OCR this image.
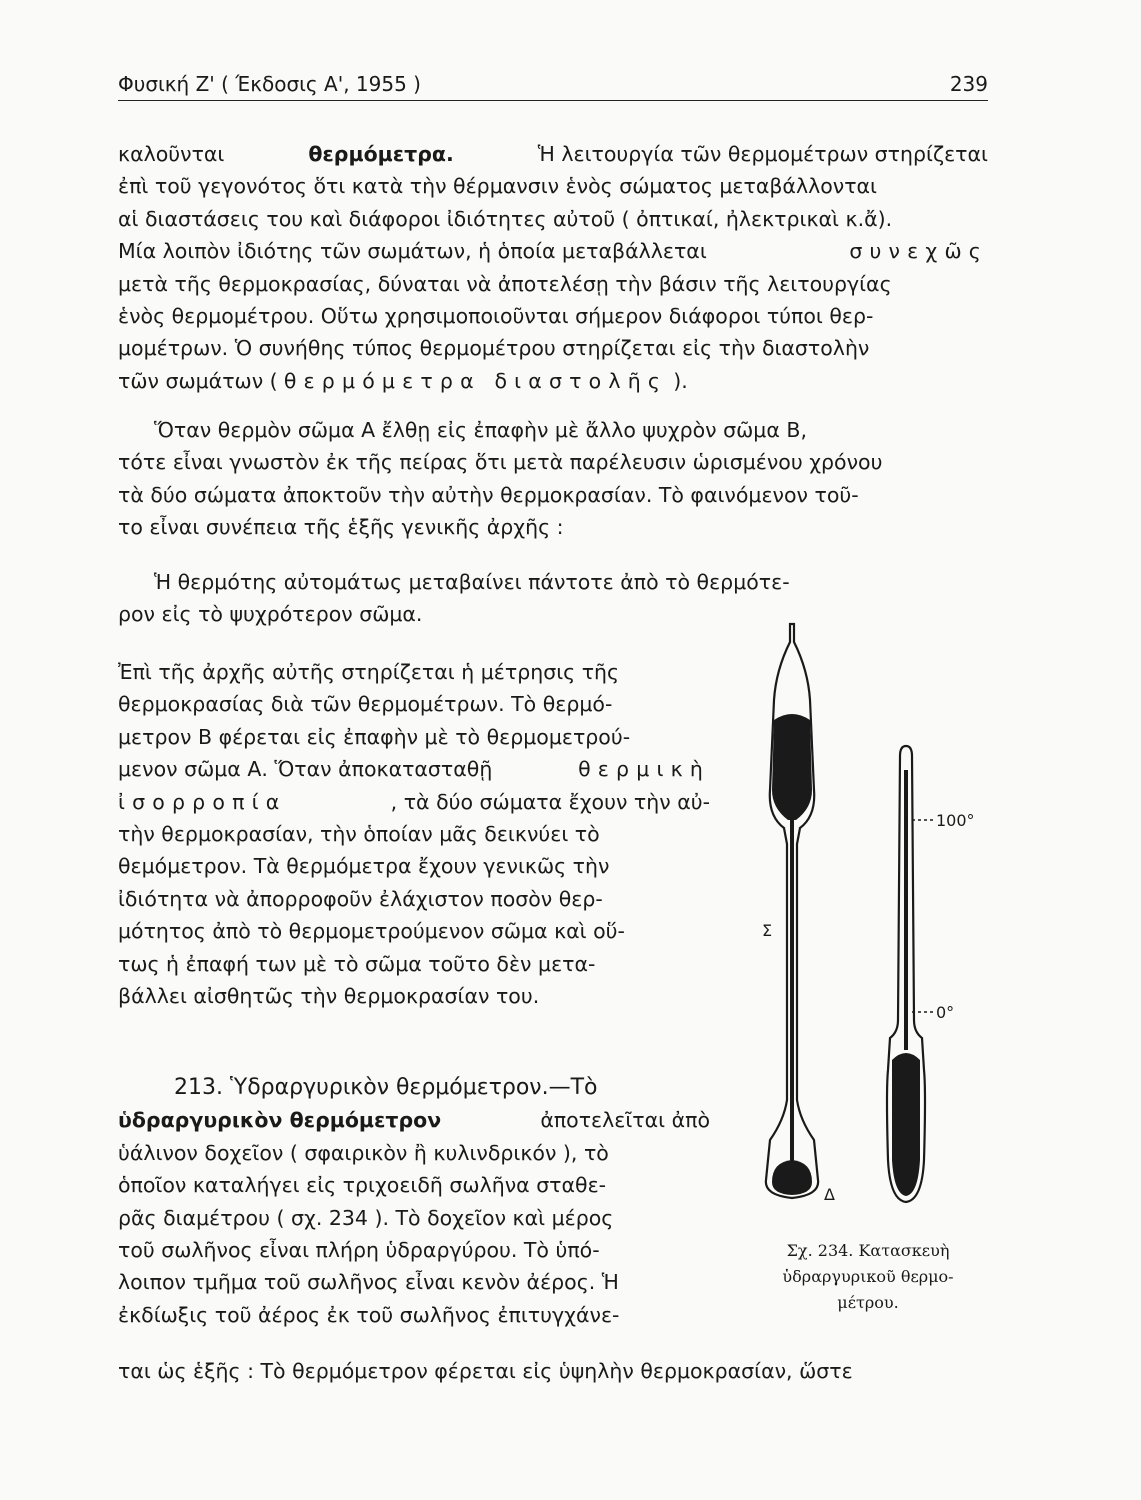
Φυσική Ζ' ( Έκδοσις Α', 1955 )	239
καλοῦνται	θερμόμετρα.	Ἡ λειτουργία τῶν θερμομέτρων στηρίζεται
ἐπὶ τοῦ γεγονότος ὅτι κατὰ τὴν θέρμανσιν ἑνὸς σώματος μεταβάλλονται
αἱ διαστάσεις του καὶ διάφοροι ἰδιότητες αὐτοῦ ( ὀπτικαί, ἠλεκτρικαὶ κ.ἄ).
Μία λοιπὸν ἰδιότης τῶν σωμάτων, ἡ ὁποία μεταβάλλεται	συνεχῶς
μετὰ τῆς θερμοκρασίας, δύναται νὰ ἀποτελέσῃ τὴν βάσιν τῆς λειτουργίας
ἑνὸς θερμομέτρου. Οὕτω χρησιμοποιοῦνται σήμερον διάφοροι τύποι θερ-
μομέτρων. Ὁ συνήθης τύπος θερμομέτρου στηρίζεται εἰς τὴν διαστολὴν
τῶν σωμάτων ( θερμόμετρα διαστολῆς ).
Ὅταν θερμὸν σῶμα Α ἔλθῃ εἰς ἐπαφὴν μὲ ἄλλο ψυχρὸν σῶμα Β,
τότε εἶναι γνωστὸν ἐκ τῆς πείρας ὅτι μετὰ παρέλευσιν ὡρισμένου χρόνου
τὰ δύο σώματα ἀποκτοῦν τὴν αὐτὴν θερμοκρασίαν. Τὸ φαινόμενον τοῦ-
το εἶναι συνέπεια τῆς ἑξῆς γενικῆς ἀρχῆς :
Ἡ θερμότης αὐτομάτως μεταβαίνει πάντοτε ἀπὸ τὸ θερμότε-
ρον εἰς τὸ ψυχρότερον σῶμα.
Ἐπὶ τῆς ἀρχῆς αὐτῆς στηρίζεται ἡ μέτρησις τῆς
θερμοκρασίας διὰ τῶν θερμομέτρων. Τὸ θερμό-
μετρον Β φέρεται εἰς ἐπαφὴν μὲ τὸ θερμομετρού-
μενον σῶμα Α. Ὅταν ἀποκατασταθῇ	θερμικὴ
ἰσορροπία	, τὰ δύο σώματα ἔχουν τὴν αὐ-
τὴν θερμοκρασίαν, τὴν ὁποίαν μᾶς δεικνύει τὸ
θεμόμετρον. Τὰ θερμόμετρα ἔχουν γενικῶς τὴν
ἰδιότητα νὰ ἀπορροφοῦν ἐλάχιστον ποσὸν θερ-
μότητος ἀπὸ τὸ θερμομετρούμενον σῶμα καὶ οὕ-
τως ἡ ἐπαφή των μὲ τὸ σῶμα τοῦτο δὲν μετα-
βάλλει αἰσθητῶς τὴν θερμοκρασίαν του.
213. Ὑδραργυρικὸν θερμόμετρον.—Τὸ
ὑδραργυρικὸν θερμόμετρον	ἀποτελεῖται ἀπὸ
ὑάλινον δοχεῖον ( σφαιρικὸν ἢ κυλινδρικόν ), τὸ
ὁποῖον καταλήγει εἰς τριχοειδῆ σωλῆνα σταθε-
ρᾶς διαμέτρου ( σχ. 234 ). Τὸ δοχεῖον καὶ μέρος
τοῦ σωλῆνος εἶναι πλήρη ὑδραργύρου. Τὸ ὑπό-
λοιπον τμῆμα τοῦ σωλῆνος εἶναι κενὸν ἀέρος. Ἡ
ἐκδίωξις τοῦ ἀέρος ἐκ τοῦ σωλῆνος ἐπιτυγχάνε-
ται ὡς ἑξῆς : Τὸ θερμόμετρον φέρεται εἰς ὑψηλὴν θερμοκρασίαν, ὥστε
Σ
Δ
100°
0°
Σχ. 234. Κατασκευὴ
ὑδραργυρικοῦ θερμο-
μέτρου.
